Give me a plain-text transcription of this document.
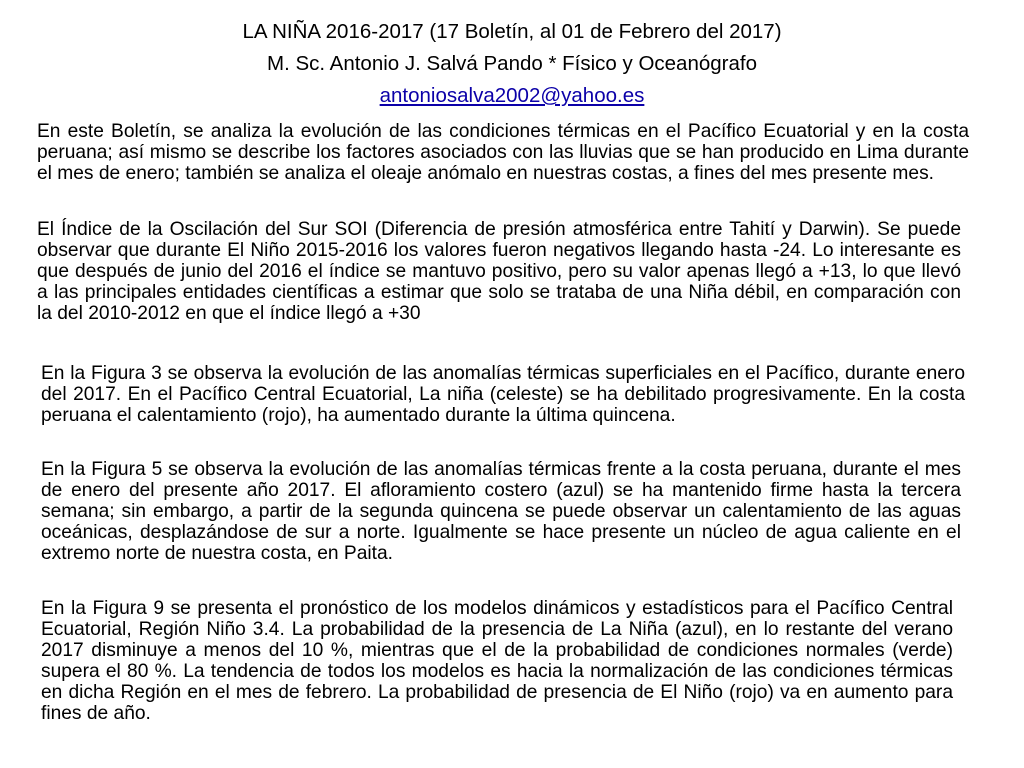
LA NIÑA 2016-2017 (17 Boletín, al 01 de Febrero del 2017)
M. Sc. Antonio J. Salvá Pando * Físico y Oceanógrafo
antoniosalva2002@yahoo.es

En este Boletín, se analiza la evolución de las condiciones térmicas en el Pacífico Ecuatorial y en la costa peruana; así mismo se describe los factores asociados con las lluvias que se han producido en Lima durante el mes de enero; también se analiza el oleaje anómalo en nuestras costas, a fines del mes presente mes.

El Índice de la Oscilación del Sur SOI (Diferencia de presión atmosférica entre Tahití y Darwin). Se puede observar que durante El Niño 2015-2016 los valores fueron negativos llegando hasta -24. Lo interesante es que después de junio del 2016 el índice se mantuvo positivo, pero su valor apenas llegó a +13, lo que llevó a las principales entidades científicas a estimar que solo se trataba de una Niña débil, en comparación con la del 2010-2012 en que el índice llegó a +30

En la Figura 3 se observa la evolución de las anomalías térmicas superficiales en el Pacífico, durante enero del 2017. En el Pacífico Central Ecuatorial, La niña (celeste) se ha debilitado progresivamente. En la costa peruana el calentamiento (rojo), ha aumentado durante la última quincena.

En la Figura 5 se observa la evolución de las anomalías térmicas frente a la costa peruana, durante el mes de enero del presente año 2017. El afloramiento costero (azul) se ha mantenido firme hasta la tercera semana; sin embargo, a partir de la segunda quincena se puede observar un calentamiento de las aguas oceánicas, desplazándose de sur a norte. Igualmente se hace presente un núcleo de agua caliente en el extremo norte de nuestra costa, en Paita.

En la Figura 9 se presenta el pronóstico de los modelos dinámicos y estadísticos para el Pacífico Central Ecuatorial, Región Niño 3.4. La probabilidad de la presencia de La Niña (azul), en lo restante del verano 2017 disminuye a menos del 10 %, mientras que el de la probabilidad de condiciones normales (verde) supera el 80 %. La tendencia de todos los modelos es hacia la normalización de las condiciones térmicas en dicha Región en el mes de febrero. La probabilidad de presencia de El Niño (rojo) va en aumento para fines de año.
